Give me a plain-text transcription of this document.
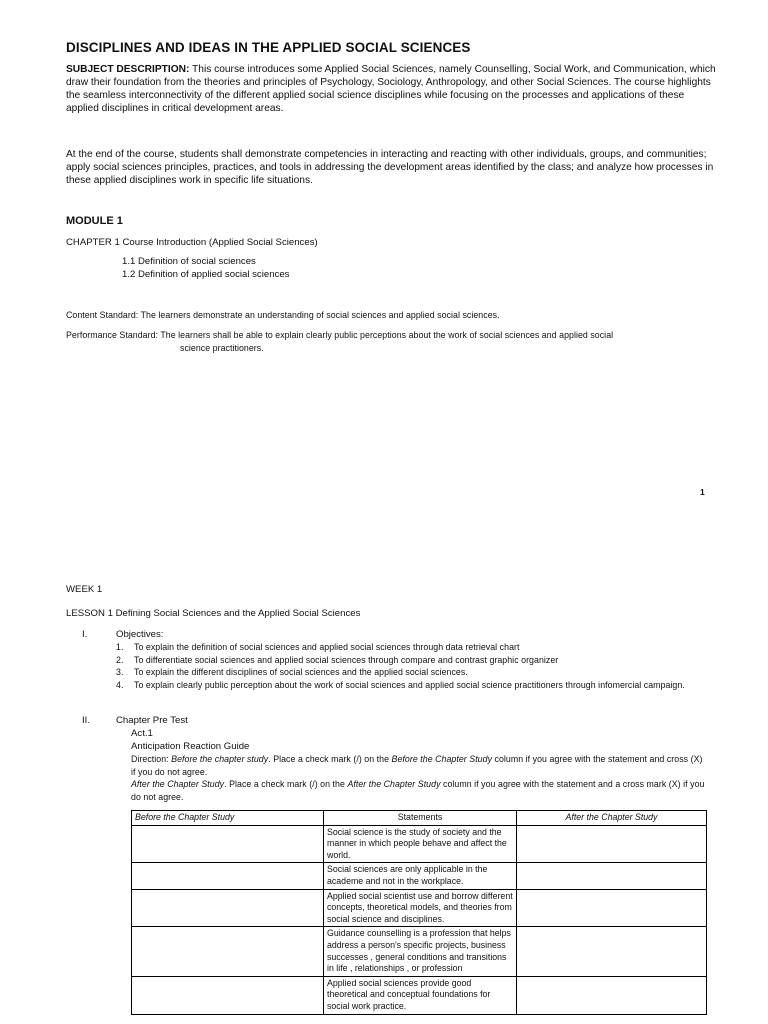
DISCIPLINES AND IDEAS IN THE APPLIED SOCIAL SCIENCES
SUBJECT DESCRIPTION: This course introduces some Applied Social Sciences, namely Counselling, Social Work, and Communication, which draw their foundation from the theories and principles of Psychology, Sociology, Anthropology, and other Social Sciences. The course highlights the seamless interconnectivity of the different applied social science disciplines while focusing on the processes and applications of these applied disciplines in critical development areas.
At the end of the course, students shall demonstrate competencies in interacting and reacting with other individuals, groups, and communities; apply social sciences principles, practices, and tools in addressing the development areas identified by the class; and analyze how processes in these applied disciplines work in specific life situations.
MODULE 1
CHAPTER 1 Course Introduction (Applied Social Sciences)
1.1 Definition of social sciences
1.2 Definition of applied social sciences
Content Standard: The learners demonstrate an understanding of social sciences and applied social sciences.
Performance Standard: The learners shall be able to explain clearly public perceptions about the work of social sciences and applied social
science practitioners.
1
WEEK 1
LESSON 1 Defining Social Sciences and the Applied Social Sciences
I.	Objectives:
1. To explain the definition of social sciences and applied social sciences through data retrieval chart
2. To differentiate social sciences and applied social sciences through compare and contrast graphic organizer
3. To explain the different disciplines of social sciences and the applied social sciences.
4. To explain clearly public perception about the work of social sciences and applied social science practitioners through infomercial campaign.
II.	Chapter Pre Test
Act.1
Anticipation Reaction Guide
Direction: Before the chapter study. Place a check mark (/) on the Before the Chapter Study column if you agree with the statement and cross (X) if you do not agree.
After the Chapter Study. Place a check mark (/) on the After the Chapter Study column if you agree with the statement and a cross mark (X) if you do not agree.
Before the Chapter Study	Statements	After the Chapter Study
	Social science is the study of society and the manner in which people behave and affect the world.	
	Social sciences are only applicable in the academe and not in the workplace.	
	Applied social scientist use and borrow different concepts, theoretical models, and theories from social science and disciplines.	
	Guidance counselling is a profession that helps address a person's specific projects, business successes , general conditions and transitions in life , relationships , or profession	
	Applied social sciences provide good theoretical and conceptual foundations for social work practice.	
